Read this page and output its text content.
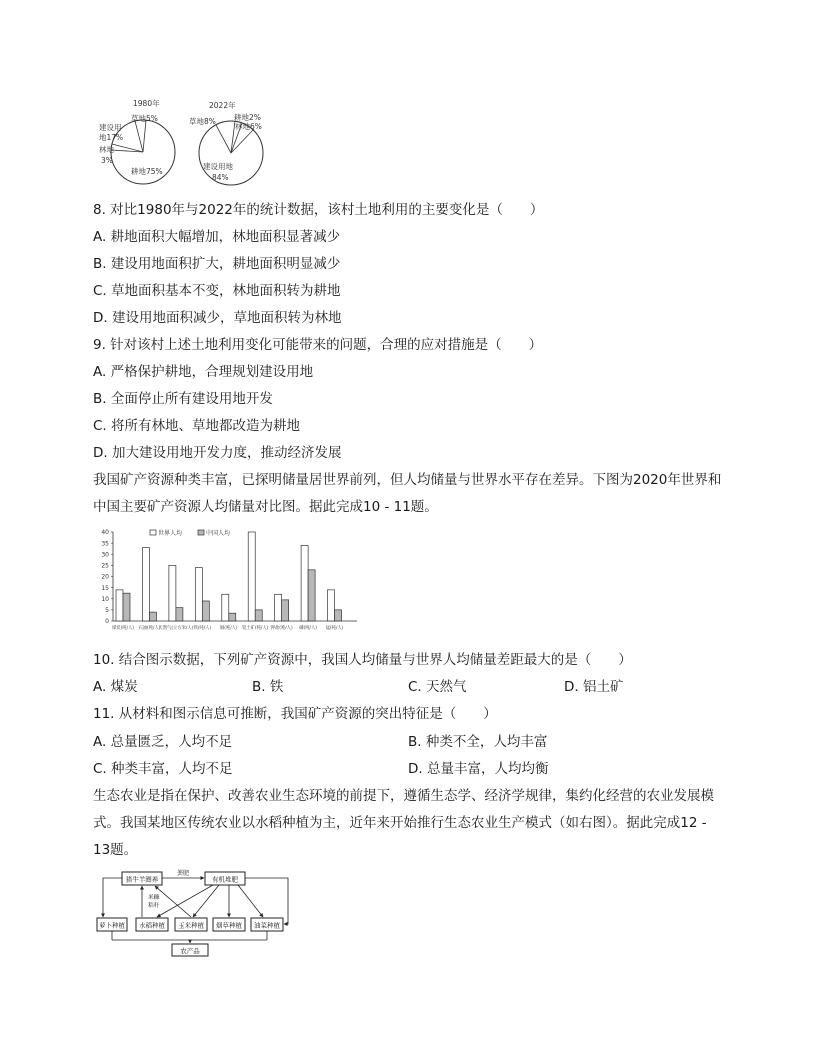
1980年
草地5%
建设用
地17%
林地
3%
耕地75%
2022年
草地8% 耕地2%
林地6%
建设用地
84%
8. 对比1980年与2022年的统计数据，该村土地利用的主要变化是（　　）
A. 耕地面积大幅增加，林地面积显著减少
B. 建设用地面积扩大，耕地面积明显减少
C. 草地面积基本不变，林地面积转为耕地
D. 建设用地面积减少，草地面积转为林地
9. 针对该村上述土地利用变化可能带来的问题，合理的应对措施是（　　）
A. 严格保护耕地，合理规划建设用地
B. 全面停止所有建设用地开发
C. 将所有林地、草地都改造为耕地
D. 加大建设用地开发力度，推动经济发展
我国矿产资源种类丰富，已探明储量居世界前列，但人均储量与世界水平存在差异。下图为2020年世界和中国主要矿产资源人均储量对比图。据此完成10 - 11题。
0
5
10
15
20
25
30
35
40	世界人均	中国人均
煤炭(吨/人) 石油(吨/人)
天然气(立方米/人) 铁(吨/人) 铜(吨/人) 铝土矿(吨/人) 钾盐(吨/人) 磷(吨/人) 锰(吨/人)
10. 结合图示数据，下列矿产资源中，我国人均储量与世界人均储量差距最大的是（　　）
A. 煤炭	B. 铁	C. 天然气	D. 铝土矿
11. 从材料和图示信息可推断，我国矿产资源的突出特征是（　　）
A. 总量匮乏，人均不足	B. 种类不全，人均丰富
C. 种类丰富，人均不足	D. 总量丰富，人均均衡
生态农业是指在保护、改善农业生态环境的前提下，遵循生态学、经济学规律，集约化经营的农业发展模式。我国某地区传统农业以水稻种植为主，近年来开始推行生态农业生产模式（如右图）。据此完成12 - 13题。
猪牛羊圈养	有机堆肥
萝卜种植 水稻种植 玉米种植 烟草种植 油菜种植
农产品
粪肥
米糠
秸秆
